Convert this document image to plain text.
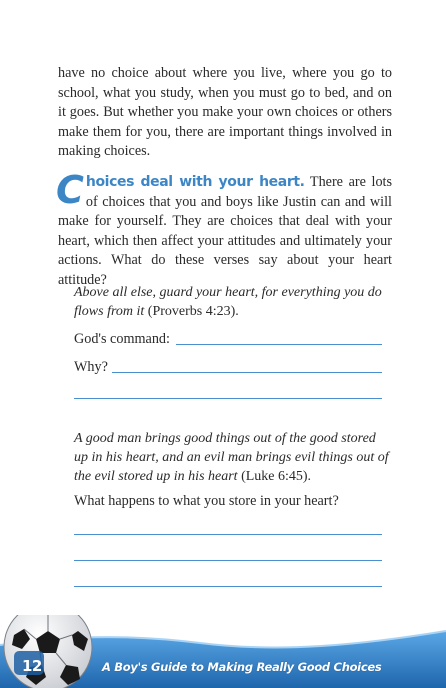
have no choice about where you live, where you go to school, what you study, when you must go to bed, and on it goes. But whether you make your own choices or others make them for you, there are important things involved in making choices.

Choices deal with your heart. There are lots of choices that you and boys like Justin can and will make for yourself. They are choices that deal with your heart, which then affect your attitudes and ultimately your actions. What do these verses say about your heart attitude?

Above all else, guard your heart, for everything you do flows from it (Proverbs 4:23).

God's command:

Why?

A good man brings good things out of the good stored up in his heart, and an evil man brings evil things out of the evil stored up in his heart (Luke 6:45).

What happens to what you store in your heart?

12	A Boy's Guide to Making Really Good Choices
